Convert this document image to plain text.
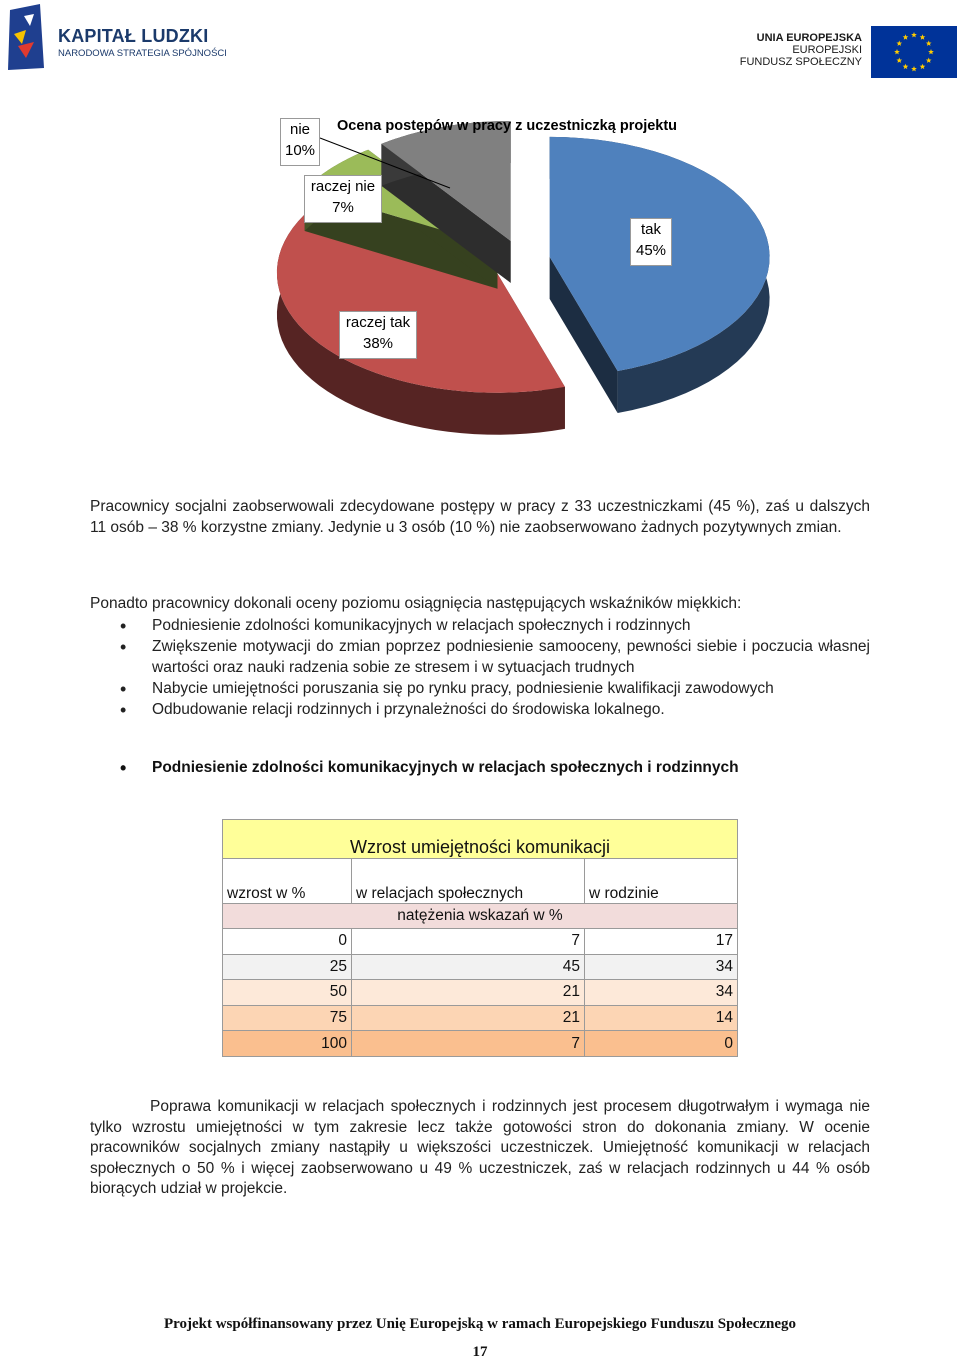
KAPITAŁ LUDZKI
NARODOWA STRATEGIA SPÓJNOŚCI
UNIA EUROPEJSKA
EUROPEJSKI
FUNDUSZ SPOŁECZNY
Ocena postępów w pracy z uczestniczką projektu
nie
10%
raczej nie
7%
tak
45%
raczej tak
38%
Pracownicy socjalni zaobserwowali zdecydowane postępy w pracy z 33 uczestniczkami (45 %), zaś u dalszych 11 osób – 38 % korzystne zmiany. Jedynie u 3 osób (10 %) nie zaobserwowano żadnych pozytywnych zmian.
Ponadto pracownicy dokonali oceny poziomu osiągnięcia następujących wskaźników miękkich:
• Podniesienie zdolności komunikacyjnych w relacjach społecznych i rodzinnych
• Zwiększenie motywacji do zmian poprzez podniesienie samooceny, pewności siebie i poczucia własnej wartości oraz nauki radzenia sobie ze stresem i w sytuacjach trudnych
• Nabycie umiejętności poruszania się po rynku pracy, podniesienie kwalifikacji zawodowych
• Odbudowanie relacji rodzinnych i przynależności do środowiska lokalnego.
• Podniesienie zdolności komunikacyjnych w relacjach społecznych i rodzinnych
Wzrost umiejętności komunikacji		
wzrost w %	w relacjach społecznych	w rodzinie
natężenia wskazań w %		
0	7	17
25	45	34
50	21	34
75	21	14
100	7	0
Poprawa komunikacji w relacjach społecznych i rodzinnych jest procesem długotrwałym i wymaga nie tylko wzrostu umiejętności w tym zakresie lecz także gotowości stron do dokonania zmiany. W ocenie pracowników socjalnych zmiany nastąpiły u większości uczestniczek. Umiejętność komunikacji w relacjach społecznych o 50 % i więcej zaobserwowano u 49 % uczestniczek, zaś w relacjach rodzinnych u 44 % osób biorących udział w projekcie.
Projekt współfinansowany przez Unię Europejską w ramach Europejskiego Funduszu Społecznego
17
